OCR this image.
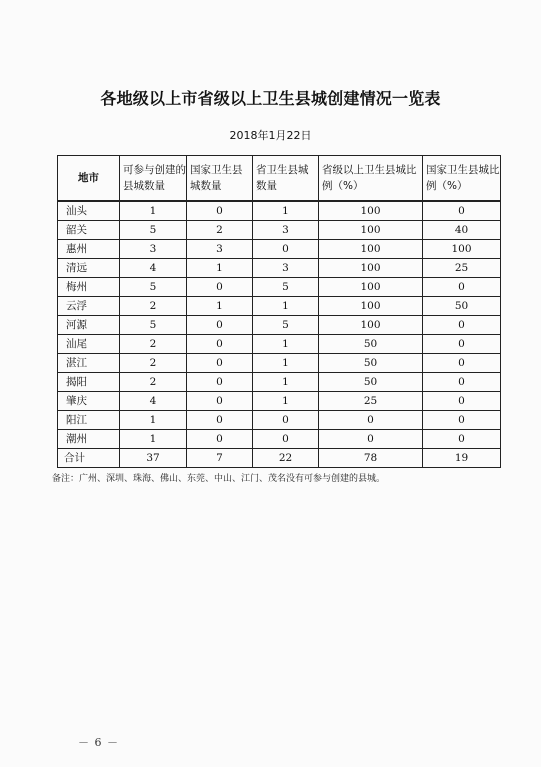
各地级以上市省级以上卫生县城创建情况一览表
2018年1月22日
地市	可参与创建的县城数量	国家卫生县城数量	省卫生县城数量	省级以上卫生县城比例（%）	国家卫生县城比例（%）
汕头	1	0	1	100	0
韶关	5	2	3	100	40
惠州	3	3	0	100	100
清远	4	1	3	100	25
梅州	5	0	5	100	0
云浮	2	1	1	100	50
河源	5	0	5	100	0
汕尾	2	0	1	50	0
湛江	2	0	1	50	0
揭阳	2	0	1	50	0
肇庆	4	0	1	25	0
阳江	1	0	0	0	0
潮州	1	0	0	0	0
合计	37	7	22	78	19
备注：广州、深圳、珠海、佛山、东莞、中山、江门、茂名没有可参与创建的县城。
－ 6 －
